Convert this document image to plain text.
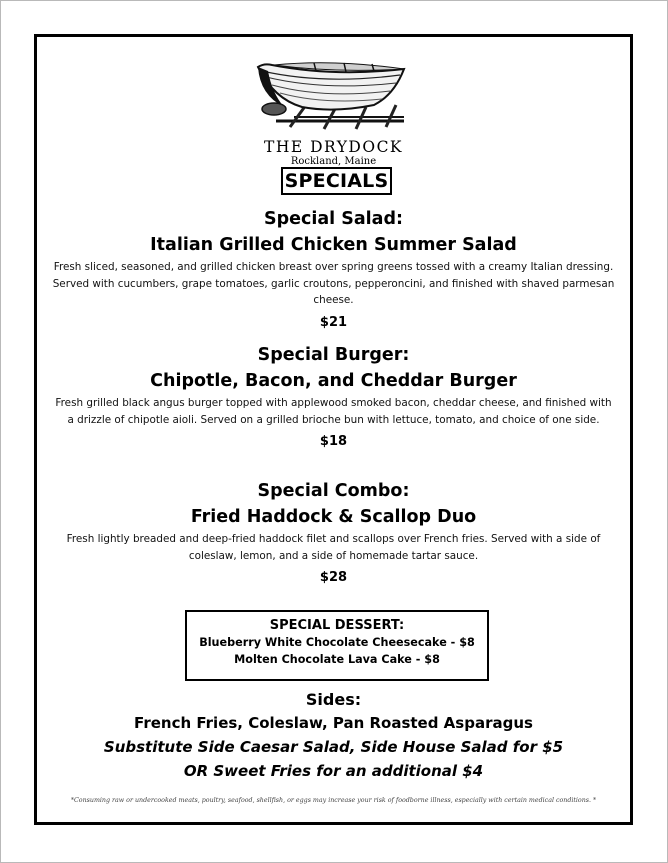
THE DRYDOCK
Rockland, Maine
SPECIALS
Special Salad:
Italian Grilled Chicken Summer Salad
Fresh sliced, seasoned, and grilled chicken breast over spring greens tossed with a creamy Italian dressing. Served with cucumbers, grape tomatoes, garlic croutons, pepperoncini, and finished with shaved parmesan cheese.
$21
Special Burger:
Chipotle, Bacon, and Cheddar Burger
Fresh grilled black angus burger topped with applewood smoked bacon, cheddar cheese, and finished with a drizzle of chipotle aioli. Served on a grilled brioche bun with lettuce, tomato, and choice of one side.
$18
Special Combo:
Fried Haddock & Scallop Duo
Fresh lightly breaded and deep-fried haddock filet and scallops over French fries. Served with a side of coleslaw, lemon, and a side of homemade tartar sauce.
$28
SPECIAL DESSERT:
Blueberry White Chocolate Cheesecake - $8
Molten Chocolate Lava Cake - $8
Sides:
French Fries, Coleslaw, Pan Roasted Asparagus
Substitute Side Caesar Salad, Side House Salad for $5
OR Sweet Fries for an additional $4
*Consuming raw or undercooked meats, poultry, seafood, shellfish, or eggs may increase your risk of foodborne illness, especially with certain medical conditions. *
